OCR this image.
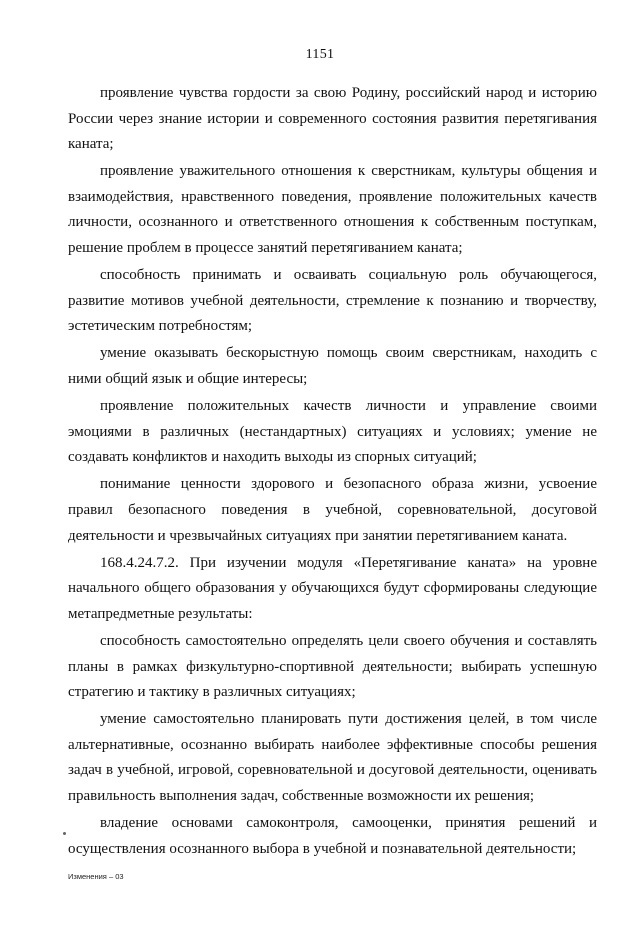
1151

проявление чувства гордости за свою Родину, российский народ и историю России через знание истории и современного состояния развития перетягивания каната;

проявление уважительного отношения к сверстникам, культуры общения и взаимодействия, нравственного поведения, проявление положительных качеств личности, осознанного и ответственного отношения к собственным поступкам, решение проблем в процессе занятий перетягиванием каната;

способность принимать и осваивать социальную роль обучающегося, развитие мотивов учебной деятельности, стремление к познанию и творчеству, эстетическим потребностям;

умение оказывать бескорыстную помощь своим сверстникам, находить с ними общий язык и общие интересы;

проявление положительных качеств личности и управление своими эмоциями в различных (нестандартных) ситуациях и условиях; умение не создавать конфликтов и находить выходы из спорных ситуаций;

понимание ценности здорового и безопасного образа жизни, усвоение правил безопасного поведения в учебной, соревновательной, досуговой деятельности и чрезвычайных ситуациях при занятии перетягиванием каната.

168.4.24.7.2. При изучении модуля «Перетягивание каната» на уровне начального общего образования у обучающихся будут сформированы следующие метапредметные результаты:

способность самостоятельно определять цели своего обучения и составлять планы в рамках физкультурно-спортивной деятельности; выбирать успешную стратегию и тактику в различных ситуациях;

умение самостоятельно планировать пути достижения целей, в том числе альтернативные, осознанно выбирать наиболее эффективные способы решения задач в учебной, игровой, соревновательной и досуговой деятельности, оценивать правильность выполнения задач, собственные возможности их решения;

владение основами самоконтроля, самооценки, принятия решений и осуществления осознанного выбора в учебной и познавательной деятельности;

Изменения – 03
